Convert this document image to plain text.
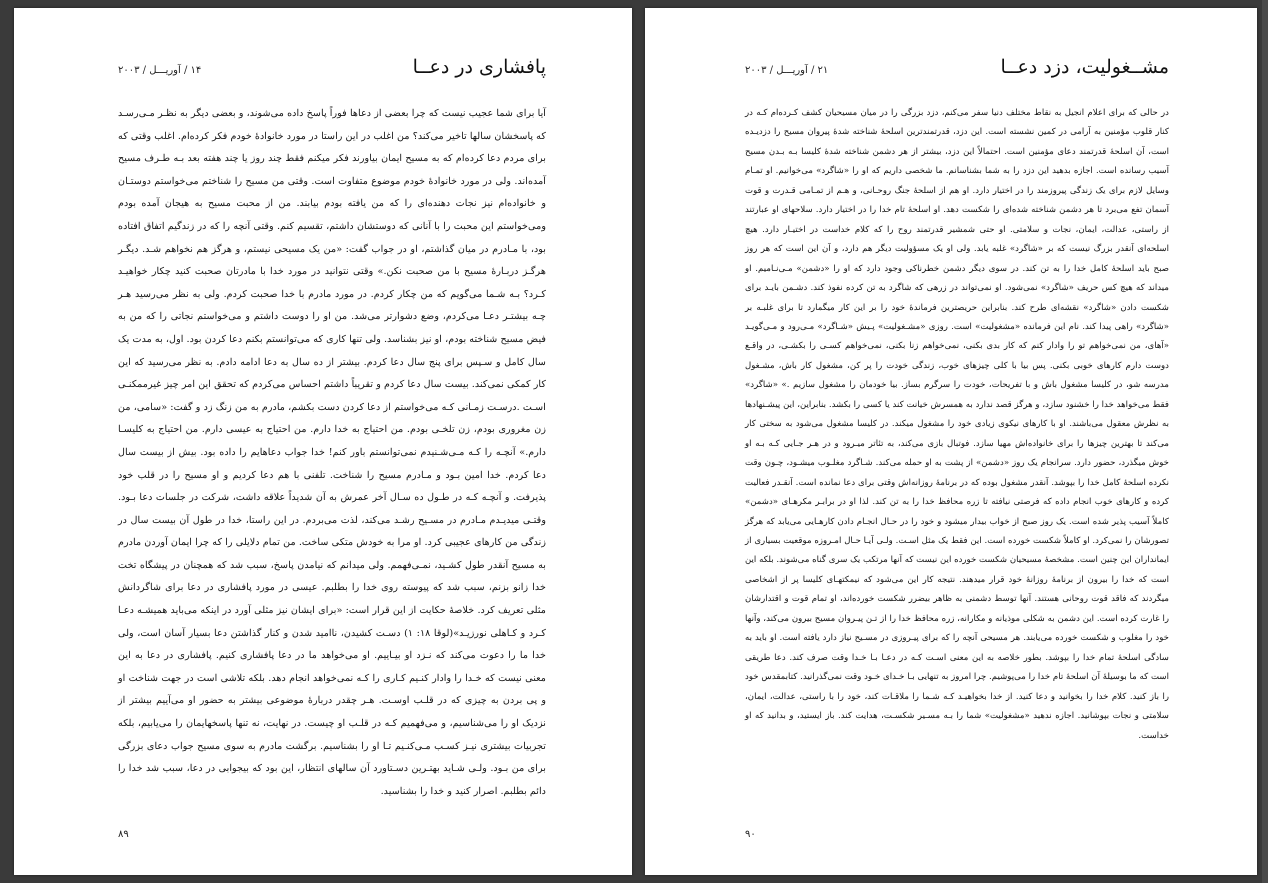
پافشاری در دعــا
۱۴ / آوریـــل / ۲۰۰۳
آیا برای شما عجیب نیست که چرا بعضی از دعاها فوراً پاسخ داده می‌شوند، و بعضی دیگر به نظـر مـی‌رسـد که پاسخشان سالها تاخیر می‌کند؟ من اغلب در این راستا در مورد خانوادۀ خودم فکر کرده‌ام. اغلب وقتی که برای مردم دعا کرده‌ام که به مسیح ایمان بیاورند فکر میکنم فقط چند روز یا چند هفته بعد بـه طـرف مسیح آمده‌اند. ولی در مورد خانوادۀ خودم موضوع متفاوت است. وقتی من مسیح را شناختم می‌خواستم دوستـان و خانواده‌ام نیز نجات دهنده‌ای را که من یافته بودم بیابند. من از محبت مسیح به هیجان آمده بودم ومی‌خواستم این محبت را با آنانی که دوستشان داشتم، تقسیم کنم. وقتی آنچه را که در زندگیم اتفاق افتاده بود، با مـادرم در میان گذاشتم، او در جواب گفت: «من یک مسیحی نیستم، و هرگز هم نخواهم شـد. دیگـر هرگـز دربـارۀ مسیح با من صحبت نکن.» وقتی نتوانید در مورد خدا با مادرتان صحبت کنید چکار خواهیـد کـرد؟ بـه شـما می‌گویم که من چکار کردم. در مورد مادرم با خدا صحبت کردم. ولی به نظر می‌رسید هـر چـه بیشتـر دعـا می‌کردم، وضع دشوارتر می‌شد. من او را دوست داشتم و می‌خواستم نجاتی را که من به فیض مسیح شناخته بودم، او نیز بشناسد. ولی تنها کاری که می‌توانستم بکنم دعا کردن بود. اول، به مدت یک سال کامل و سـپس برای پنج سال دعا کردم. بیشتر از ده سال به دعا ادامه دادم. به نظر می‌رسید که این کار کمکی نمی‌کند. بیست سال دعا کردم و تقریباً داشتم احساس می‌کردم که تحقق این امر چیز غیرممکنـی اسـت .درسـت زمـانی کـه می‌خواستم از دعا کردن دست بکشم، مادرم به من زنگ زد و گفت: «سامی، من زن مغروری بودم، زن تلخـی بودم. من احتیاج به خدا دارم. من احتیاج به عیسی دارم. من احتیاج به کلیسـا دارم.» آنچـه را کـه مـی‌شـنیدم نمی‌توانستم باور کنم! خدا جواب دعاهایم را داده بود. بیش از بیست سال دعا کردم. خدا امین بـود و مـادرم مسیح را شناخت. تلفنی با هم دعا کردیم و او مسیح را در قلب خود پذیرفت. و آنچـه کـه در طـول ده سـال آخر عمرش به آن شدیداً علاقه داشت، شرکت در جلسات دعا بـود. وقتـی میدیـدم مـادرم در مسـیح رشـد می‌کند، لذت می‌بردم. در این راستا، خدا در طول آن بیست سال در زندگی من کارهای عجیبی کرد. او مرا به خودش متکی ساخت. من تمام دلایلی را که چرا ایمان آوردن مادرم به مسیح آنقدر طول کشـید، نمـی‌فهمم. ولی میدانم که نیامدن پاسخ، سبب شد که همچنان در پیشگاه تخت خدا زانو بزنم، سبب شد که پیوسته روی خدا را بطلبم. عیسی در مورد پافشاری در دعا برای شاگردانش مثلی تعریف کرد. خلاصۀ حکایت از این قرار است: «برای ایشان نیز مثلی آورد در اینکه می‌باید همیشـه دعـا کـرد و کـاهلی نورزیـد»(لوقا ۱۸: ۱) دسـت کشیدن، ناامید شدن و کنار گذاشتن دعا بسیار آسان است، ولی خدا ما را دعوت می‌کند که نـزد او بیـاییم. او می‌خواهد ما در دعا پافشاری کنیم. پافشاری در دعا به این معنی نیست که خـدا را وادار کنـیم کـاری را کـه نمی‌خواهد انجام دهد. بلکه تلاشی است در جهت شناخت او و پی بردن به چیزی که در قلـب اوسـت. هـر چقدر دربارۀ موضوعی بیشتر به حضور او می‌آییم بیشتر از نزدیک او را می‌شناسیم، و می‌فهمیم کـه در قلـب او چیست. در نهایت، نه تنها پاسخهایمان را می‌یابیم، بلکه تجربیات بیشتری نیـز کسـب مـی‌کنـیم تـا او را بشناسیم. برگشت مادرم به سوی مسیح جواب دعای بزرگی برای من بـود. ولـی شـاید بهتـرین دسـتاورد آن سالهای انتظار، این بود که بیجوابی در دعا، سبب شد خدا را دائم بطلبم. اصرار کنید و خدا را بشناسید.
۸۹
مشــغولیت، دزد دعــا
۲۱ / آوریـــل / ۲۰۰۳
در حالی که برای اعلام انجیل به نقاط مختلف دنیا سفر می‌کنم، دزد بزرگی را در میان مسیحیان کشف کـرده‌ام کـه در کنار قلوب مؤمنین به آرامی در کمین نشسته است. این دزد، قدرتمندترین اسلحۀ شناخته شدۀ پیروان مسیح را دزدیـده است، آن اسلحۀ قدرتمند دعای مؤمنین است. احتمالاً این دزد، بیشتر از هر دشمن شناخته شدۀ کلیسا بـه بـدن مسیح آسیب رسانده است. اجازه بدهید این دزد را به شما بشناسانم. ما شخصی داریم که او را «شاگرد» می‌خوانیم. او تمـام وسایل لازم برای یک زندگی پیروزمند را در اختیار دارد. او هم از اسلحۀ جنگ روحـانی، و هـم از تمـامی قـدرت و قوت آسمان تفع می‌برد تا هر دشمن شناخته شده‌ای را شکست دهد. او اسلحۀ تام خدا را در اختیار دارد. سلاحهای او عبارتند از راستی، عدالت، ایمان، نجات و سلامتی. او حتی شمشیر قدرتمند روح را که کلام خداست در اختیـار دارد. هیچ اسلحه‌ای آنقدر بزرگ نیست که بر «شاگرد» غلبه یابد. ولی او یک مسؤولیت دیگر هم دارد، و آن این است که هر روز صبح باید اسلحۀ کامل خدا را به تن کند. در سوی دیگر دشمن خطرناکی وجود دارد که او را «دشمن» مـی‌نـامیم. او میداند که هیچ کس حریف «شاگرد» نمی‌شود. او نمی‌تواند در زرهی که شاگرد به تن کرده نفوذ کند. دشـمن بایـد برای شکست دادن «شاگرد» نقشه‌ای طرح کند. بنابراین حریصترین فرماندۀ خود را بر این کار میگمارد تا برای غلبـه بر «شاگرد» راهی پیدا کند. نام این فرمانده «مشغولیت» است. روزی «مشـغولیت» پـیش «شـاگرد» مـی‌رود و مـی‌گویـد «آهای، من نمی‌خواهم تو را وادار کنم که کار بدی بکنی، نمی‌خواهم زنا بکنی، نمی‌خواهم کسـی را بکشـی، در واقـع دوست دارم کارهای خوبی بکنی. پس بیا با کلی چیزهای خوب، زندگی خودت را پر کن، مشغول کار باش، مشـغول مدرسه شو، در کلیسا مشغول باش و با تفریحات، خودت را سرگرم بساز. بیا خودمان را مشغول سازیم .» «شاگرد» فقط می‌خواهد خدا را خشنود سازد، و هرگز قصد ندارد به همسرش خیانت کند یا کسی را بکشد. بنابراین، این پیشـنهادها به نظرش معقول می‌باشند. او با کارهای نیکوی زیادی خود را مشغول میکند. در کلیسا مشغول می‌شود به سختی کار می‌کند تا بهترین چیزها را برای خانواده‌اش مهیا سازد. فوتبال بازی می‌کند، به تئاتر میـرود و در هـر جـایی کـه بـه او خوش میگذرد، حضور دارد. سرانجام یک روز «دشمن» از پشت به او حمله می‌کند. شـاگرد مغلـوب میشـود، چـون وقت نکرده اسلحۀ کامل خدا را بپوشد. آنقدر مشغول بوده که در برنامۀ روزانه‌اش وقتی برای دعا نمانده است. آنقـدر فعالیت کرده و کارهای خوب انجام داده که فرصتی نیافته تا زره محافظ خدا را به تن کند. لذا او در برابـر مکرهـای «دشمن» کاملاً آسیب پذیر شده است. یک روز صبح از خواب بیدار میشود و خود را در حـال انجـام دادن کارهـایی می‌یابد که هرگز تصورشان را نمی‌کرد. او کاملاً شکست خورده است. این فقط یک مثل اسـت. ولـی آیـا حـال امـروزه موقعیت بسیاری از ایمانداران این چنین است. مشخصۀ مسیحیان شکست خورده این نیست که آنها مرتکب یک سری گناه می‌شوند. بلکه این است که خدا را بیرون از برنامۀ روزانۀ خود قرار میدهند. نتیجه کار این می‌شود که نیمکتهـای کلیسا پر از اشخاصی میگردند که فاقد قوت روحانی هستند. آنها توسط دشمنی به ظاهر بیضرر شکست خورده‌اند، او تمام قوت و اقتدارشان را غارت کرده است. این دشمن به شکلی موذیانه و مکارانه، زره محافظ خدا را از تـن پیـروان مسیح بیرون می‌کند، وآنها خود را مغلوب و شکست خورده می‌یابند. هر مسیحی آنچه را که برای پیـروزی در مسـیح نیاز دارد یافته است. او باید به سادگی اسلحۀ تمام خدا را بپوشد. بطور خلاصه به این معنی اسـت کـه در دعـا بـا خـدا وقت صرف کند. دعا طریقی است که ما بوسیلۀ آن اسلحۀ تام خدا را می‌پوشیم. چرا امروز به تنهایی بـا خـدای خـود وقت نمی‌گذرانید. کتابمقدس خود را باز کنید. کلام خدا را بخوانید و دعا کنید. از خدا بخواهیـد کـه شـما را ملاقـات کند، خود را با راستی، عدالت، ایمان، سلامتی و نجات بپوشانید. اجازه ندهید «مشغولیت» شما را بـه مسـیر شکسـت، هدایت کند. باز ایستید، و بدانید که او خداست.
۹۰
